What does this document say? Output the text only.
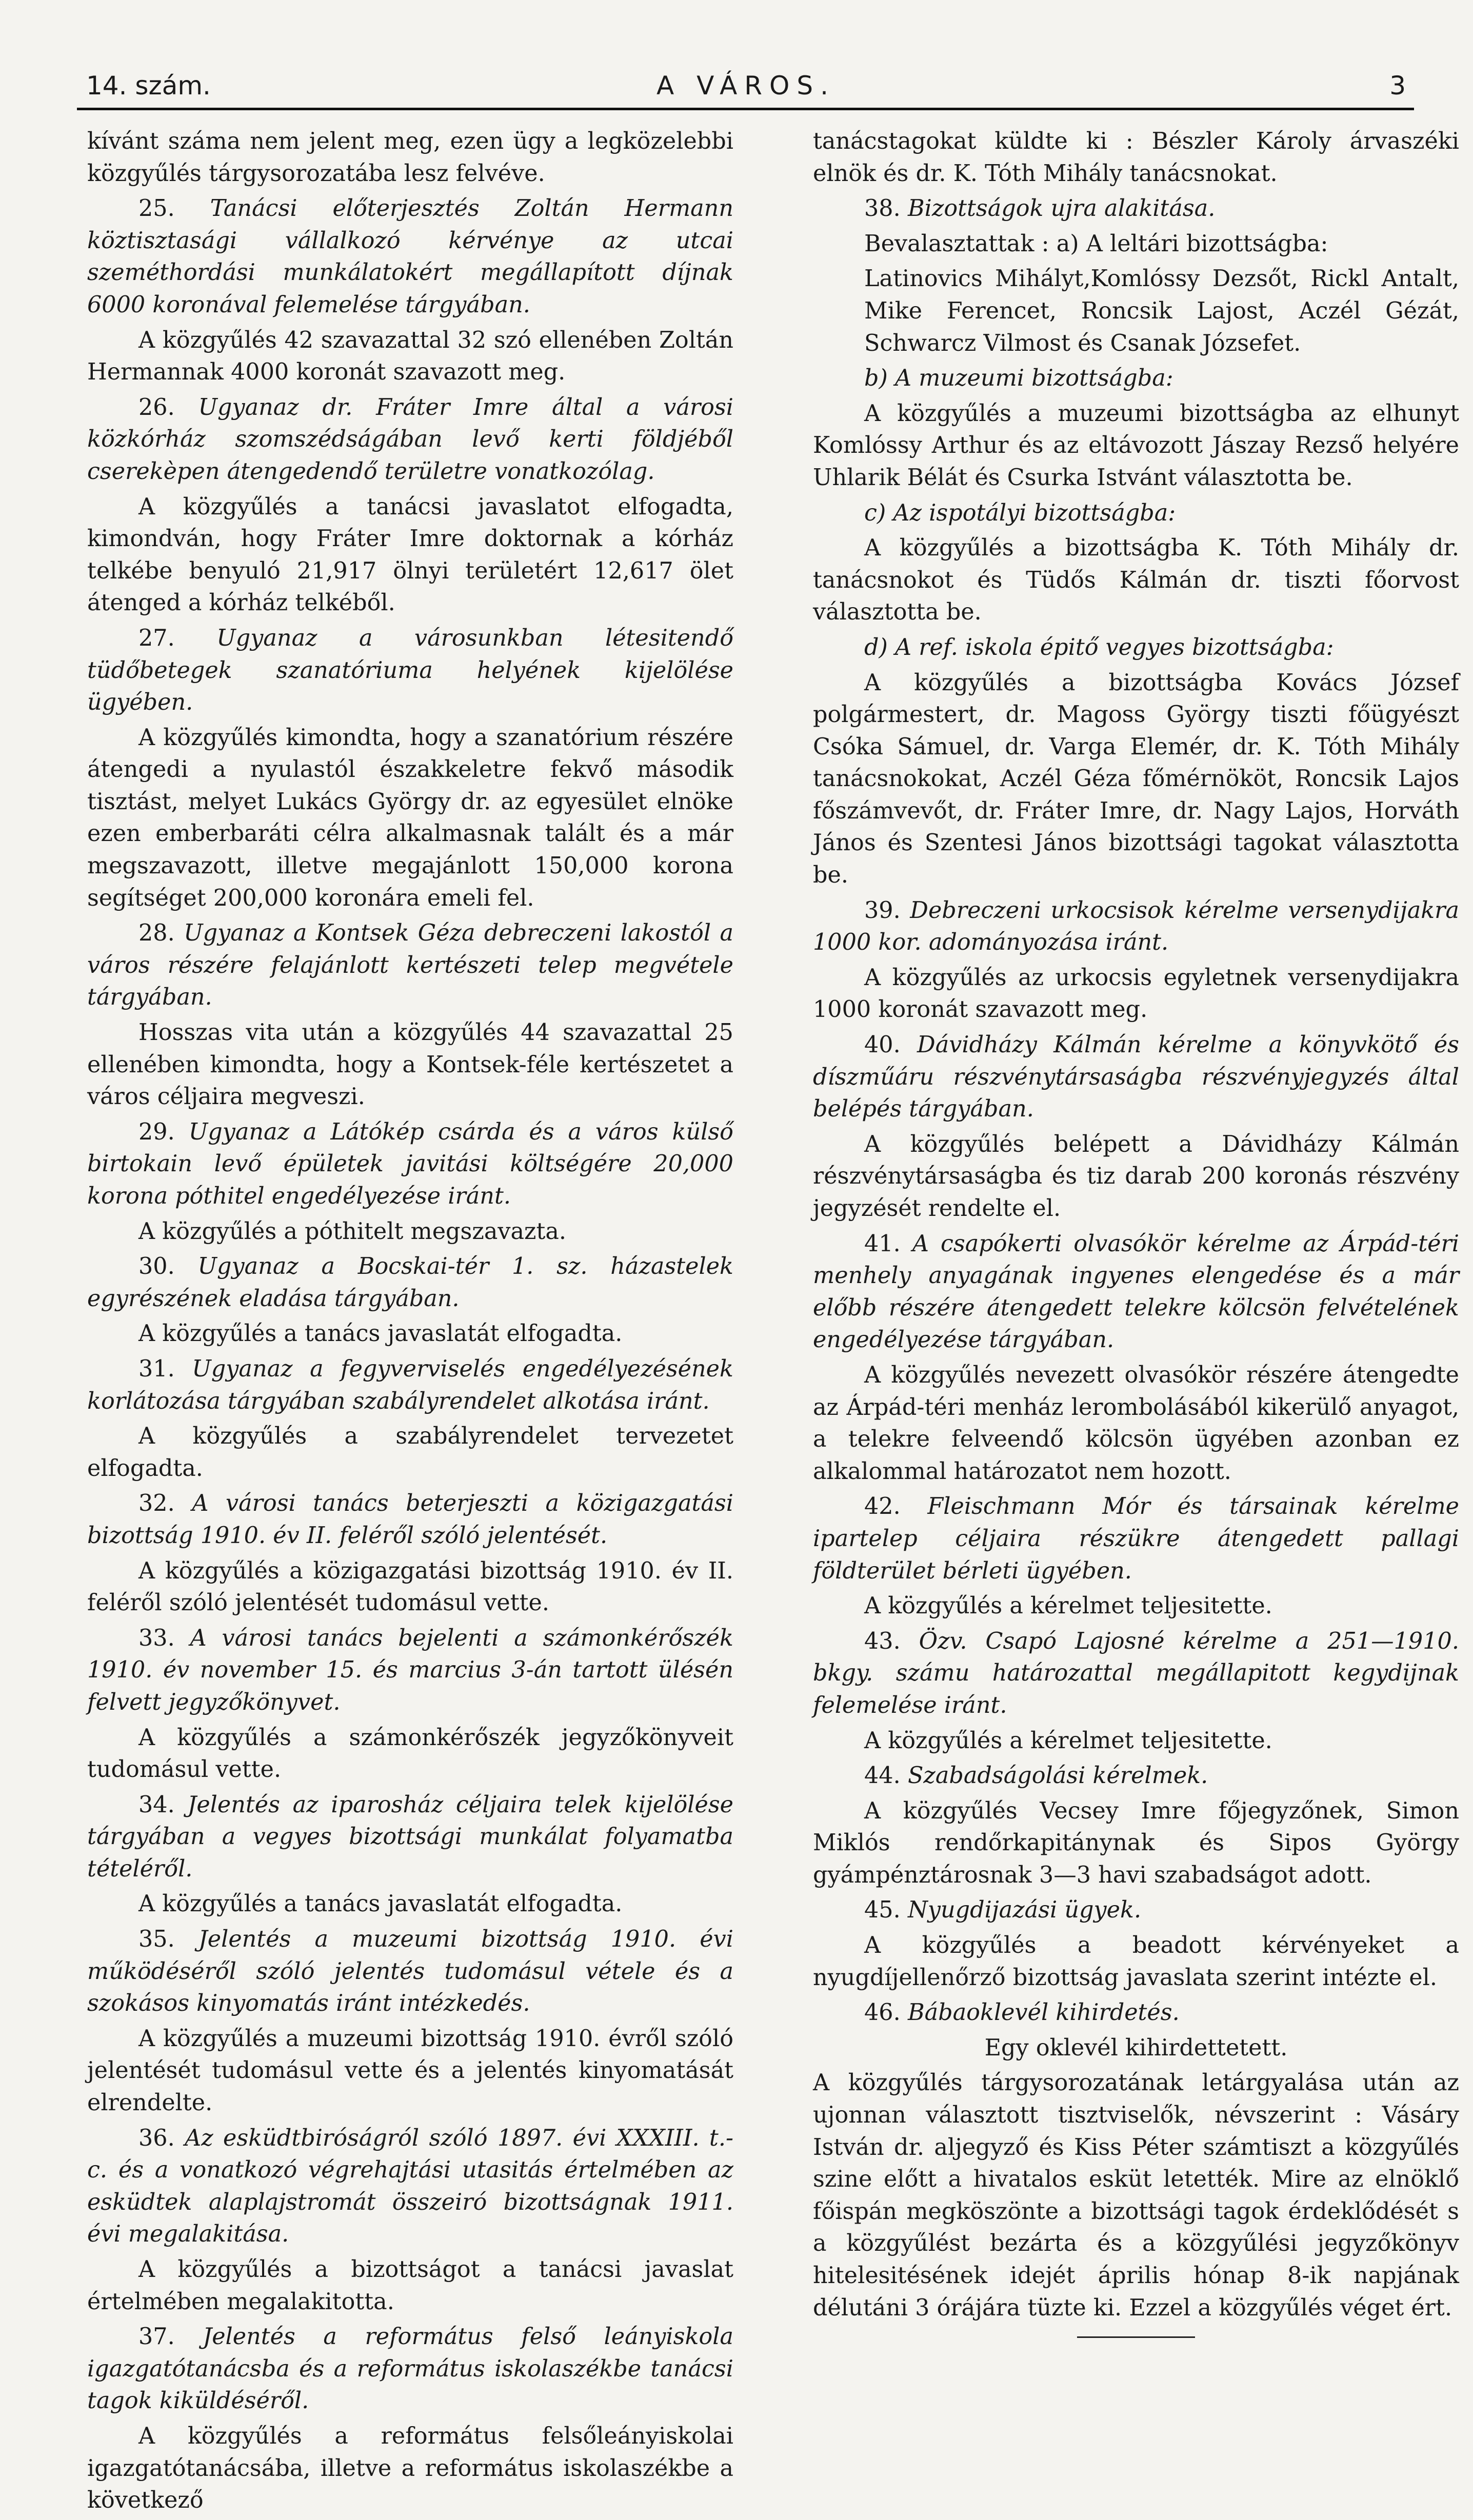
14. szám.	A VÁROS.	3

kívánt száma nem jelent meg, ezen ügy a legközelebbi közgyűlés tárgysorozatába lesz felvéve.

25. Tanácsi előterjesztés Zoltán Hermann köztisztasági vállalkozó kérvénye az utcai szeméthordási munkálatokért megállapított díjnak 6000 koronával felemelése tárgyában.

A közgyűlés 42 szavazattal 32 szó ellenében Zoltán Hermannak 4000 koronát szavazott meg.

26. Ugyanaz dr. Fráter Imre által a városi közkórház szomszédságában levő kerti földjéből cserekèpen átengedendő területre vonatkozólag.

A közgyűlés a tanácsi javaslatot elfogadta, kimondván, hogy Fráter Imre doktornak a kórház telkébe benyuló 21,917 ölnyi területért 12,617 ölet átenged a kórház telkéből.

27. Ugyanaz a városunkban létesitendő tüdőbetegek szanatóriuma helyének kijelölése ügyében.

A közgyűlés kimondta, hogy a szanatórium részére átengedi a nyulastól északkeletre fekvő második tisztást, melyet Lukács György dr. az egyesület elnöke ezen emberbaráti célra alkalmasnak talált és a már megszavazott, illetve megajánlott 150,000 korona segítséget 200,000 koronára emeli fel.

28. Ugyanaz a Kontsek Géza debreczeni lakostól a város részére felajánlott kertészeti telep megvétele tárgyában.

Hosszas vita után a közgyűlés 44 szavazattal 25 ellenében kimondta, hogy a Kontsek-féle kertészetet a város céljaira megveszi.

29. Ugyanaz a Látókép csárda és a város külső birtokain levő épületek javitási költségére 20,000 korona póthitel engedélyezése iránt.

A közgyűlés a póthitelt megszavazta.

30. Ugyanaz a Bocskai-tér 1. sz. házastelek egyrészének eladása tárgyában.

A közgyűlés a tanács javaslatát elfogadta.

31. Ugyanaz a fegyverviselés engedélyezésének korlátozása tárgyában szabályrendelet alkotása iránt.

A közgyűlés a szabályrendelet tervezetet elfogadta.

32. A városi tanács beterjeszti a közigazgatási bizottság 1910. év II. feléről szóló jelentését.

A közgyűlés a közigazgatási bizottság 1910. év II. feléről szóló jelentését tudomásul vette.

33. A városi tanács bejelenti a számonkérőszék 1910. év november 15. és marcius 3-án tartott ülésén felvett jegyzőkönyvet.

A közgyűlés a számonkérőszék jegyzőkönyveit tudomásul vette.

34. Jelentés az iparosház céljaira telek kijelölése tárgyában a vegyes bizottsági munkálat folyamatba tételéről.

A közgyűlés a tanács javaslatát elfogadta.

35. Jelentés a muzeumi bizottság 1910. évi működéséről szóló jelentés tudomásul vétele és a szokásos kinyomatás iránt intézkedés.

A közgyűlés a muzeumi bizottság 1910. évről szóló jelentését tudomásul vette és a jelentés kinyomatását elrendelte.

36. Az esküdtbiróságról szóló 1897. évi XXXIII. t.-c. és a vonatkozó végrehajtási utasitás értelmében az esküdtek alaplajstromát összeiró bizottságnak 1911. évi megalakitása.

A közgyűlés a bizottságot a tanácsi javaslat értelmében megalakitotta.

37. Jelentés a református felső leányiskola igazgatótanácsba és a református iskolaszékbe tanácsi tagok kiküldéséről.

A közgyűlés a református felsőleányiskolai igazgatótanácsába, illetve a református iskolaszékbe a következő

tanácstagokat küldte ki : Bészler Károly árvaszéki elnök és dr. K. Tóth Mihály tanácsnokat.

38. Bizottságok ujra alakitása.

Bevalasztattak : a) A leltári bizottságba:

Latinovics Mihályt,Komlóssy Dezsőt, Rickl Antalt, Mike Ferencet, Roncsik Lajost, Aczél Gézát, Schwarcz Vilmost és Csanak Józsefet.

b) A muzeumi bizottságba:

A közgyűlés a muzeumi bizottságba az elhunyt Komlóssy Arthur és az eltávozott Jászay Rezső helyére Uhlarik Bélát és Csurka Istvánt választotta be.

c) Az ispotályi bizottságba:

A közgyűlés a bizottságba K. Tóth Mihály dr. tanácsnokot és Tüdős Kálmán dr. tiszti főorvost választotta be.

d) A ref. iskola épitő vegyes bizottságba:

A közgyűlés a bizottságba Kovács József polgármestert, dr. Magoss György tiszti főügyészt Csóka Sámuel, dr. Varga Elemér, dr. K. Tóth Mihály tanácsnokokat, Aczél Géza főmérnököt, Roncsik Lajos főszámvevőt, dr. Fráter Imre, dr. Nagy Lajos, Horváth János és Szentesi János bizottsági tagokat választotta be.

39. Debreczeni urkocsisok kérelme versenydijakra 1000 kor. adományozása iránt.

A közgyűlés az urkocsis egyletnek versenydijakra 1000 koronát szavazott meg.

40. Dávidházy Kálmán kérelme a könyvkötő és díszműáru részvénytársaságba részvényjegyzés által belépés tárgyában.

A közgyűlés belépett a Dávidházy Kálmán részvénytársaságba és tiz darab 200 koronás részvény jegyzését rendelte el.

41. A csapókerti olvasókör kérelme az Árpád-téri menhely anyagának ingyenes elengedése és a már előbb részére átengedett telekre kölcsön felvételének engedélyezése tárgyában.

A közgyűlés nevezett olvasókör részére átengedte az Árpád-téri menház lerombolásából kikerülő anyagot, a telekre felveendő kölcsön ügyében azonban ez alkalommal határozatot nem hozott.

42. Fleischmann Mór és társainak kérelme ipartelep céljaira részükre átengedett pallagi földterület bérleti ügyében.

A közgyűlés a kérelmet teljesitette.

43. Özv. Csapó Lajosné kérelme a 251—1910. bkgy. számu határozattal megállapitott kegydijnak felemelése iránt.

A közgyűlés a kérelmet teljesitette.

44. Szabadságolási kérelmek.

A közgyűlés Vecsey Imre főjegyzőnek, Simon Miklós rendőrkapitánynak és Sipos György gyámpénztárosnak 3—3 havi szabadságot adott.

45. Nyugdijazási ügyek.

A közgyűlés a beadott kérvényeket a nyugdíjellenőrző bizottság javaslata szerint intézte el.

46. Bábaoklevél kihirdetés.

Egy oklevél kihirdettetett.

A közgyűlés tárgysorozatának letárgyalása után az ujonnan választott tisztviselők, névszerint : Vásáry István dr. aljegyző és Kiss Péter számtiszt a közgyűlés szine előtt a hivatalos esküt letették. Mire az elnöklő főispán megköszönte a bizottsági tagok érdeklődését s a közgyűlést bezárta és a közgyűlési jegyzőkönyv hitelesitésének idejét április hónap 8-ik napjának délutáni 3 órájára tüzte ki. Ezzel a közgyűlés véget ért.
